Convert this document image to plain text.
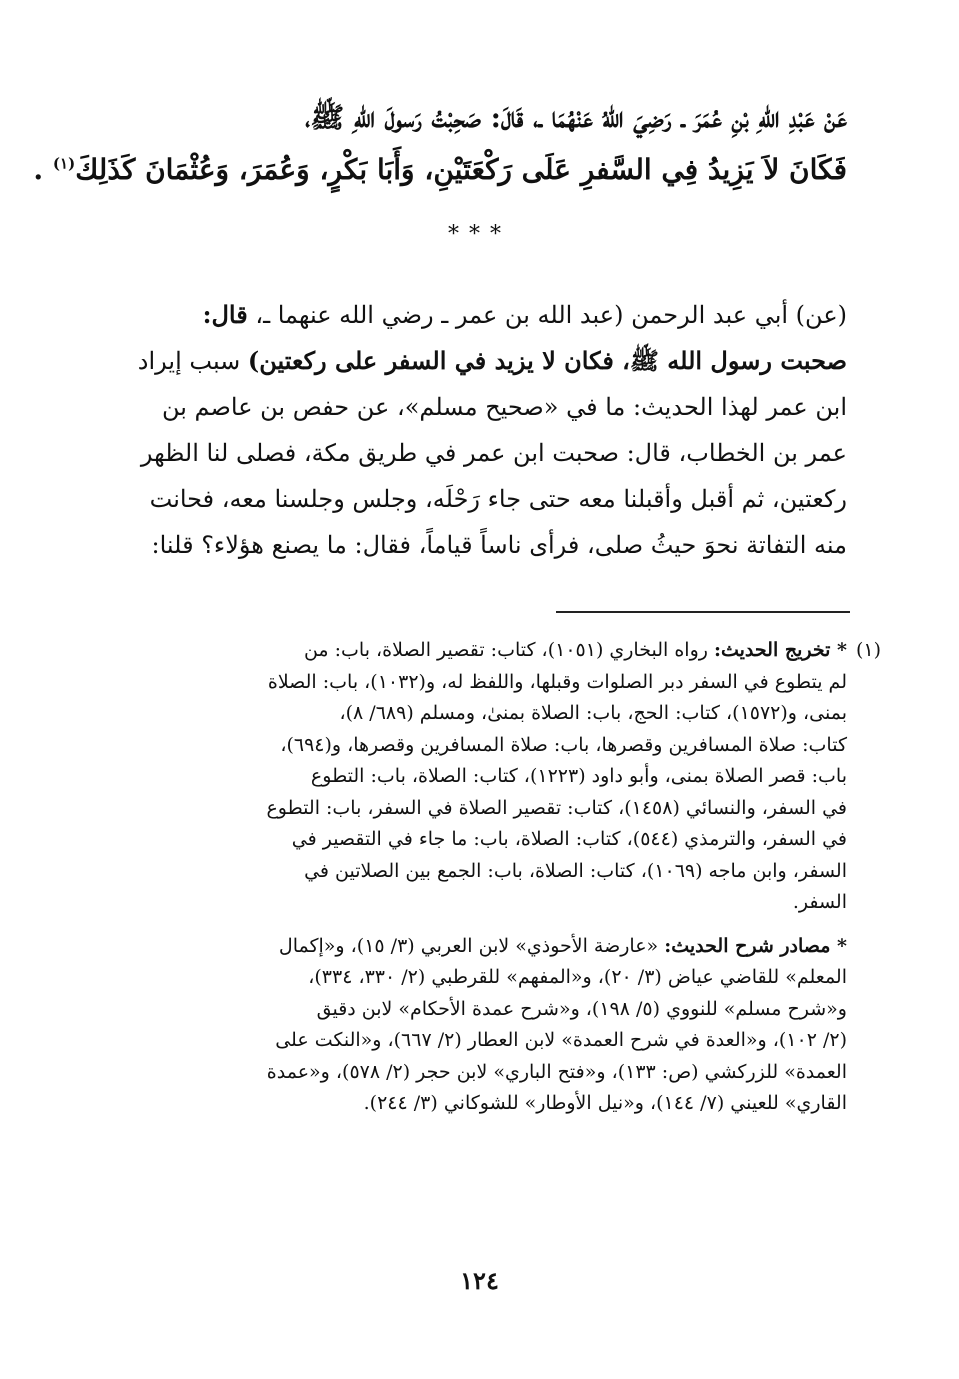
عَنْ عَبْدِ اللهِ بْنِ عُمَرَ ـ رَضِيَ اللهُ عَنْهُمَا ـ، قَالَ: صَحِبْتُ رَسولَ اللهِ ﷺ،

فَكَانَ لاَ يَزِيدُ فِي السَّفرِ عَلَى رَكْعَتَيْنِ، وَأَبَا بَكْرٍ، وَعُمَرَ، وَعُثْمَانَ كَذَلِكَ$^{(١)}$ .

***

(عن) أبي عبد الرحمن (عبد الله بن عمر ـ رضي الله عنهما ـ، قال:

صحبت رسول الله ﷺ، فكان لا يزيد في السفر على ركعتين) سبب إيراد

ابن عمر لهذا الحديث: ما في «صحيح مسلم»، عن حفص بن عاصم بن

عمر بن الخطاب، قال: صحبت ابن عمر في طريق مكة، فصلى لنا الظهر

ركعتين، ثم أقبل وأقبلنا معه حتى جاء رَحْلَه، وجلس وجلسنا معه، فحانت

منه التفاتة نحوَ حيثُ صلى، فرأى ناساً قياماً، فقال: ما يصنع هؤلاء؟ قلنا:

(١)

* تخريج الحديث: رواه البخاري (١٠٥١)، كتاب: تقصير الصلاة، باب: من

لم يتطوع في السفر دبر الصلوات وقبلها، واللفظ له، و(١٠٣٢)، باب: الصلاة

بمنى، و(١٥٧٢)، كتاب: الحج، باب: الصلاة بمنىٰ، ومسلم (٦٨٩/ ٨)،

كتاب: صلاة المسافرين وقصرها، باب: صلاة المسافرين وقصرها، و(٦٩٤)،

باب: قصر الصلاة بمنى، وأبو داود (١٢٢٣)، كتاب: الصلاة، باب: التطوع

في السفر، والنسائي (١٤٥٨)، كتاب: تقصير الصلاة في السفر، باب: التطوع

في السفر، والترمذي (٥٤٤)، كتاب: الصلاة، باب: ما جاء في التقصير في

السفر، وابن ماجه (١٠٦٩)، كتاب: الصلاة، باب: الجمع بين الصلاتين في

السفر.

* مصادر شرح الحديث: «عارضة الأحوذي» لابن العربي (٣/ ١٥)، و«إكمال

المعلم» للقاضي عياض (٣/ ٢٠)، و«المفهم» للقرطبي (٢/ ٣٣٠، ٣٣٤)،

و«شرح مسلم» للنووي (٥/ ١٩٨)، و«شرح عمدة الأحكام» لابن دقيق

(٢/ ١٠٢)، و«العدة في شرح العمدة» لابن العطار (٢/ ٦٦٧)، و«النكت على

العمدة» للزركشي (ص: ١٣٣)، و«فتح الباري» لابن حجر (٢/ ٥٧٨)، و«عمدة

القاري» للعيني (٧/ ١٤٤)، و«نيل الأوطار» للشوكاني (٣/ ٢٤٤).

١٢٤
